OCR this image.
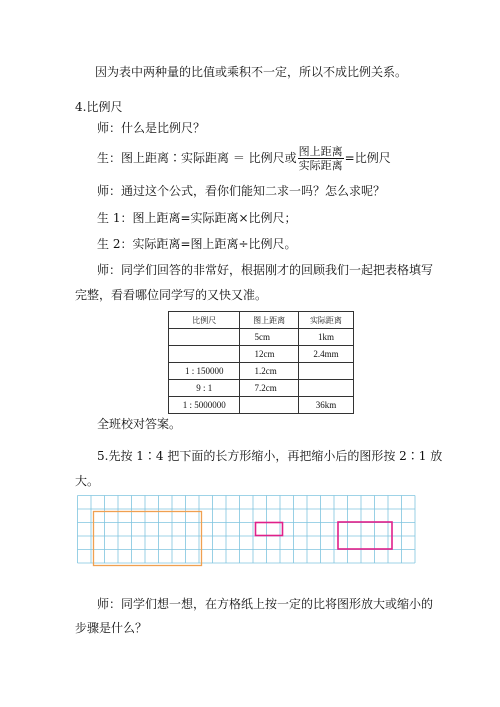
因为表中两种量的比值或乘积不一定，所以不成比例关系。
4.比例尺
师：什么是比例尺？
生：图上距离∶实际距离 ＝ 比例尺或 $\frac{\text{图上距离}}{\text{实际距离}}$ =比例尺
师：通过这个公式，看你们能知二求一吗？怎么求呢？
生 1：图上距离=实际距离×比例尺；
生 2：实际距离=图上距离÷比例尺。
师：同学们回答的非常好，根据刚才的回顾我们一起把表格填写
完整，看看哪位同学写的又快又准。
比例尺	图上距离	实际距离
	5cm	1km
	12cm	2.4mm
1 : 150000	1.2cm	
9 : 1	7.2cm	
1 : 5000000		36km
全班校对答案。
5.先按 1∶4 把下面的长方形缩小，再把缩小后的图形按 2∶1 放
大。
师：同学们想一想，在方格纸上按一定的比将图形放大或缩小的
步骤是什么？
